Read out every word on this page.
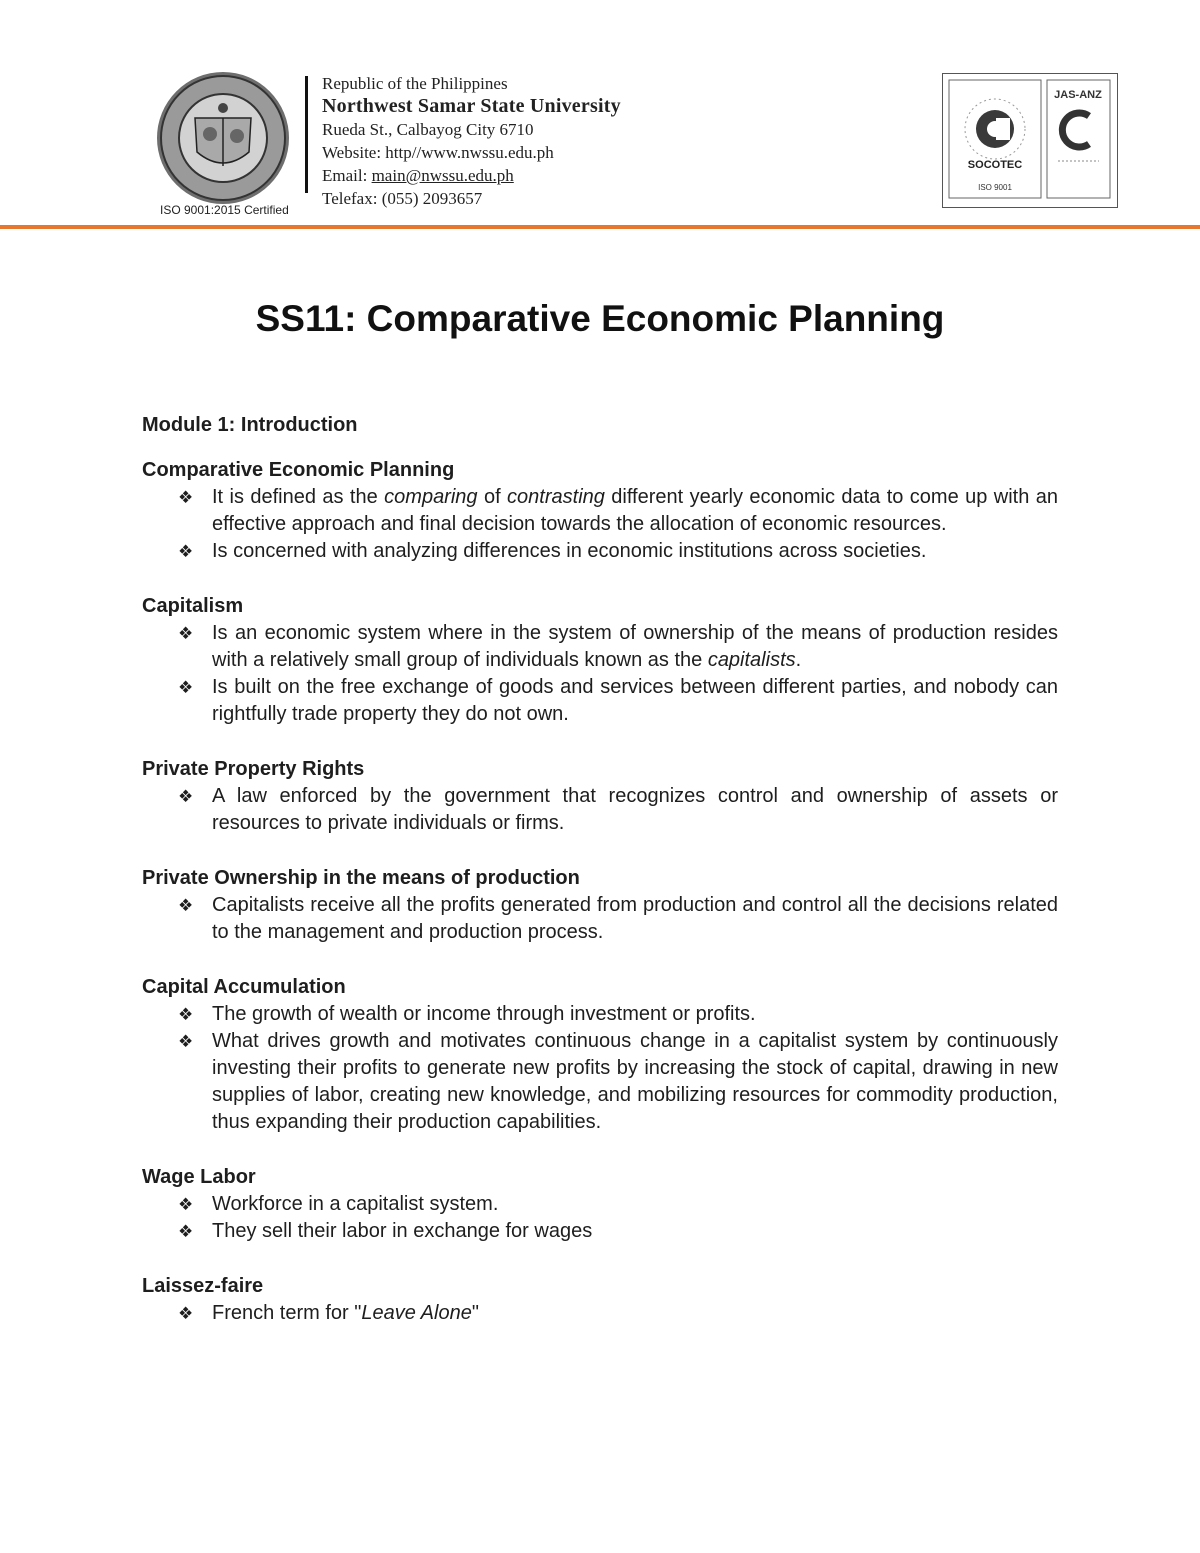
ISO 9001:2015 Certified
Republic of the Philippines
Northwest Samar State University
Rueda St., Calbayog City 6710
Website: http//www.nwssu.edu.ph
Email: main@nwssu.edu.ph
Telefax: (055) 2093657
SOCOTEC
ISO 9001
JAS-ANZ
SS11: Comparative Economic Planning
Module 1: Introduction
Comparative Economic Planning
❖ It is defined as the comparing of contrasting different yearly economic data to come up with an effective approach and final decision towards the allocation of economic resources.
❖ Is concerned with analyzing differences in economic institutions across societies.
Capitalism
❖ Is an economic system where in the system of ownership of the means of production resides with a relatively small group of individuals known as the capitalists.
❖ Is built on the free exchange of goods and services between different parties, and nobody can rightfully trade property they do not own.
Private Property Rights
❖ A law enforced by the government that recognizes control and ownership of assets or resources to private individuals or firms.
Private Ownership in the means of production
❖ Capitalists receive all the profits generated from production and control all the decisions related to the management and production process.
Capital Accumulation
❖ The growth of wealth or income through investment or profits.
❖ What drives growth and motivates continuous change in a capitalist system by continuously investing their profits to generate new profits by increasing the stock of capital, drawing in new supplies of labor, creating new knowledge, and mobilizing resources for commodity production, thus expanding their production capabilities.
Wage Labor
❖ Workforce in a capitalist system.
❖ They sell their labor in exchange for wages
Laissez-faire
❖ French term for "Leave Alone"
